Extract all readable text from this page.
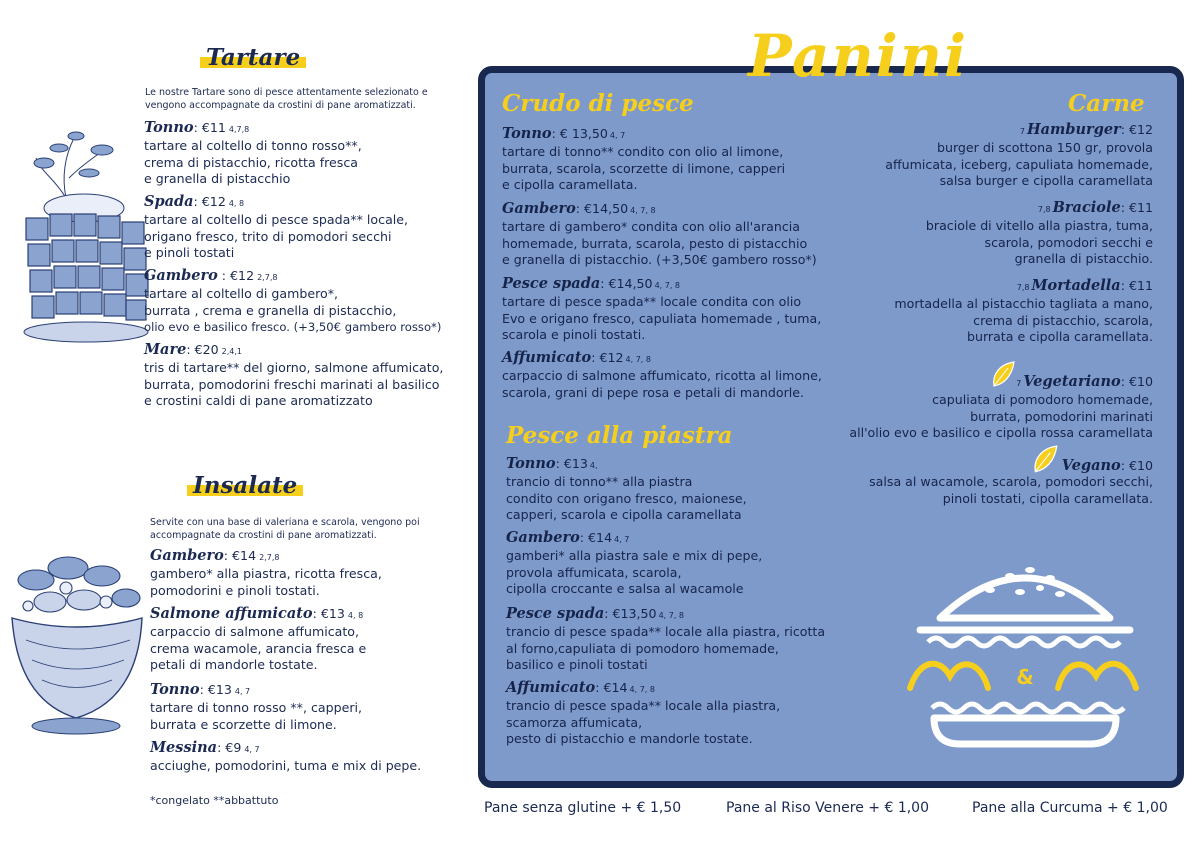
Tartare
Le nostre Tartare sono di pesce attentamente selezionato e vengono accompagnate da crostini di pane aromatizzati.
Tonno: €11 4,7,8
tartare al coltello di tonno rosso**,
crema di pistacchio, ricotta fresca
e granella di pistacchio
Spada: €12 4, 8
tartare al coltello di pesce spada** locale,
origano fresco, trito di pomodori secchi
e pinoli tostati
Gambero : €12 2,7,8
tartare al coltello di gambero*,
burrata , crema e granella di pistacchio,
olio evo e basilico fresco. (+3,50€ gambero rosso*)
Mare: €20 2,4,1
tris di tartare** del giorno, salmone affumicato,
burrata, pomodorini freschi marinati al basilico
e crostini caldi di pane aromatizzato
Insalate
Servite con una base di valeriana e scarola, vengono poi accompagnate da crostini di pane aromatizzati.
Gambero: €14 2,7,8
gambero* alla piastra, ricotta fresca,
pomodorini e pinoli tostati.
Salmone affumicato: €13 4, 8
carpaccio di salmone affumicato,
crema wacamole, arancia fresca e
petali di mandorle tostate.
Tonno: €13 4, 7
tartare di tonno rosso **, capperi,
burrata e scorzette di limone.
Messina: €9 4, 7
acciughe, pomodorini, tuma e mix di pepe.
*congelato **abbattuto
Panini
Crudo di pesce
Tonno: € 13,50 4, 7
tartare di tonno** condito con olio al limone,
burrata, scarola, scorzette di limone, capperi
e cipolla caramellata.
Gambero: €14,50 4, 7, 8
tartare di gambero* condita con olio all'arancia
homemade, burrata, scarola, pesto di pistacchio
e granella di pistacchio. (+3,50€ gambero rosso*)
Pesce spada: €14,50 4, 7, 8
tartare di pesce spada** locale condita con olio
Evo e origano fresco, capuliata homemade , tuma,
scarola e pinoli tostati.
Affumicato: €12 4, 7, 8
carpaccio di salmone affumicato, ricotta al limone,
scarola, grani di pepe rosa e petali di mandorle.
Pesce alla piastra
Tonno: €13 4,
trancio di tonno** alla piastra
condito con origano fresco, maionese,
capperi, scarola e cipolla caramellata
Gambero: €14 4, 7
gamberi* alla piastra sale e mix di pepe,
provola affumicata, scarola,
cipolla croccante e salsa al wacamole
Pesce spada: €13,50 4, 7, 8
trancio di pesce spada** locale alla piastra, ricotta
al forno,capuliata di pomodoro homemade,
basilico e pinoli tostati
Affumicato: €14 4, 7, 8
trancio di pesce spada** locale alla piastra,
scamorza affumicata,
pesto di pistacchio e mandorle tostate.
Carne
7 Hamburger: €12
burger di scottona 150 gr, provola
affumicata, iceberg, capuliata homemade,
salsa burger e cipolla caramellata
7,8 Braciole: €11
braciole di vitello alla piastra, tuma,
scarola, pomodori secchi e
granella di pistacchio.
7,8 Mortadella: €11
mortadella al pistacchio tagliata a mano,
crema di pistacchio, scarola,
burrata e cipolla caramellata.
7 Vegetariano: €10
capuliata di pomodoro homemade,
burrata, pomodorini marinati
all'olio evo e basilico e cipolla rossa caramellata
Vegano: €10
salsa al wacamole, scarola, pomodori secchi,
pinoli tostati, cipolla caramellata.
&
Pane senza glutine + € 1,50	Pane al Riso Venere + € 1,00	Pane alla Curcuma + € 1,00
